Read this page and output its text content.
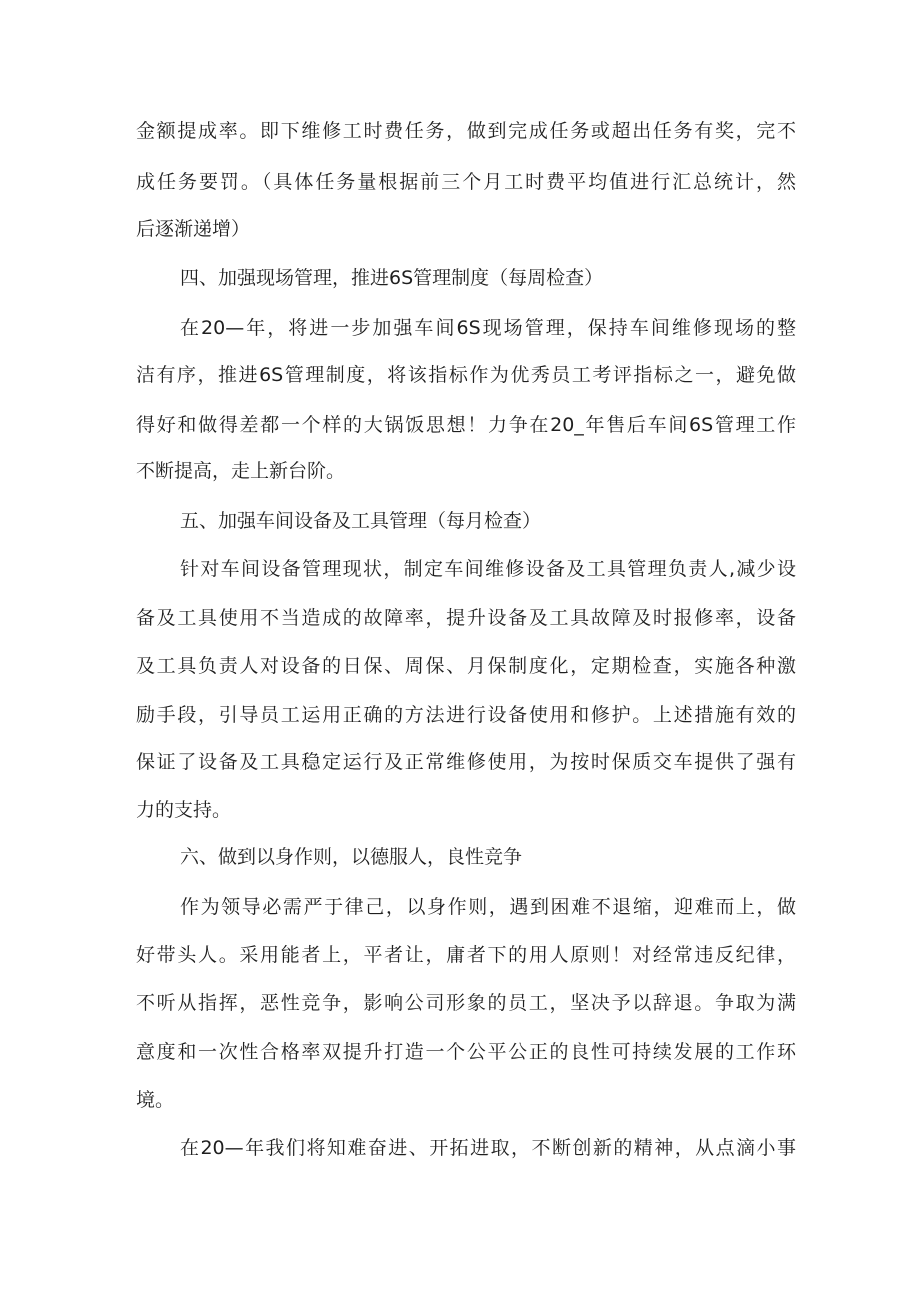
金额提成率。即下维修工时费任务，做到完成任务或超出任务有奖，完不
成任务要罚。（具体任务量根据前三个月工时费平均值进行汇总统计，然
后逐渐递增）
四、加强现场管理，推进6S管理制度（每周检查）
在20—年，将进一步加强车间6S现场管理，保持车间维修现场的整
洁有序，推进6S管理制度，将该指标作为优秀员工考评指标之一，避免做
得好和做得差都一个样的大锅饭思想！力争在20_年售后车间6S管理工作
不断提高，走上新台阶。
五、加强车间设备及工具管理（每月检查）
针对车间设备管理现状，制定车间维修设备及工具管理负责人,减少设
备及工具使用不当造成的故障率，提升设备及工具故障及时报修率，设备
及工具负责人对设备的日保、周保、月保制度化，定期检查，实施各种激
励手段，引导员工运用正确的方法进行设备使用和修护。上述措施有效的
保证了设备及工具稳定运行及正常维修使用，为按时保质交车提供了强有
力的支持。
六、做到以身作则，以德服人，良性竞争
作为领导必需严于律己，以身作则，遇到困难不退缩，迎难而上，做
好带头人。采用能者上，平者让，庸者下的用人原则！对经常违反纪律，
不听从指挥，恶性竞争，影响公司形象的员工，坚决予以辞退。争取为满
意度和一次性合格率双提升打造一个公平公正的良性可持续发展的工作环
境。
在20—年我们将知难奋进、开拓进取，不断创新的精神，从点滴小事
